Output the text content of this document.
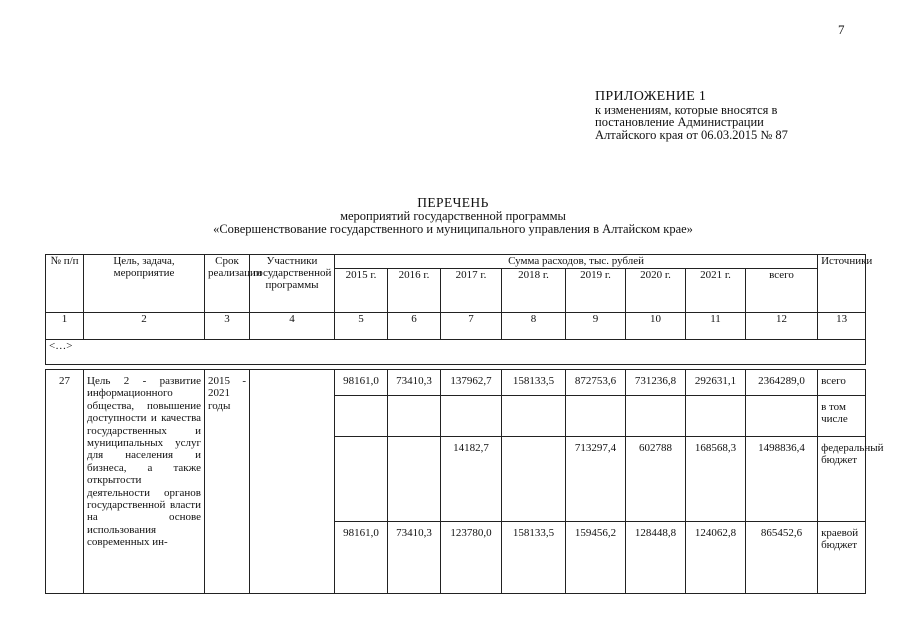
7
ПРИЛОЖЕНИЕ 1
к изменениям, которые вносятся в
постановление Администрации
Алтайского края от 06.03.2015 № 87
ПЕРЕЧЕНЬ
мероприятий государственной программы
«Совершенствование государственного и муниципального управления в Алтайском крае»
№ п/п	Цель, задача, мероприятие	Срок реализации	Участники государственной программы	Сумма расходов, тыс. рублей								Источники
				2015 г.	2016 г.	2017 г.	2018 г.	2019 г.	2020 г.	2021 г.	всего	
1	2	3	4	5	6	7	8	9	10	11	12	13
<…>												

27	Цель 2 - развитие информационного общества, повышение доступности и качества государственных и муниципальных услуг для населения и бизнеса, а также открытости деятельности органов государственной власти на основе использования современных ин-	2015 - 2021 годы		98161,0	73410,3	137962,7	158133,5	872753,6	731236,8	292631,1	2364289,0	всего
												в том числе
						14182,7		713297,4	602788	168568,3	1498836,4	федеральный бюджет
				98161,0	73410,3	123780,0	158133,5	159456,2	128448,8	124062,8	865452,6	краевой бюджет
